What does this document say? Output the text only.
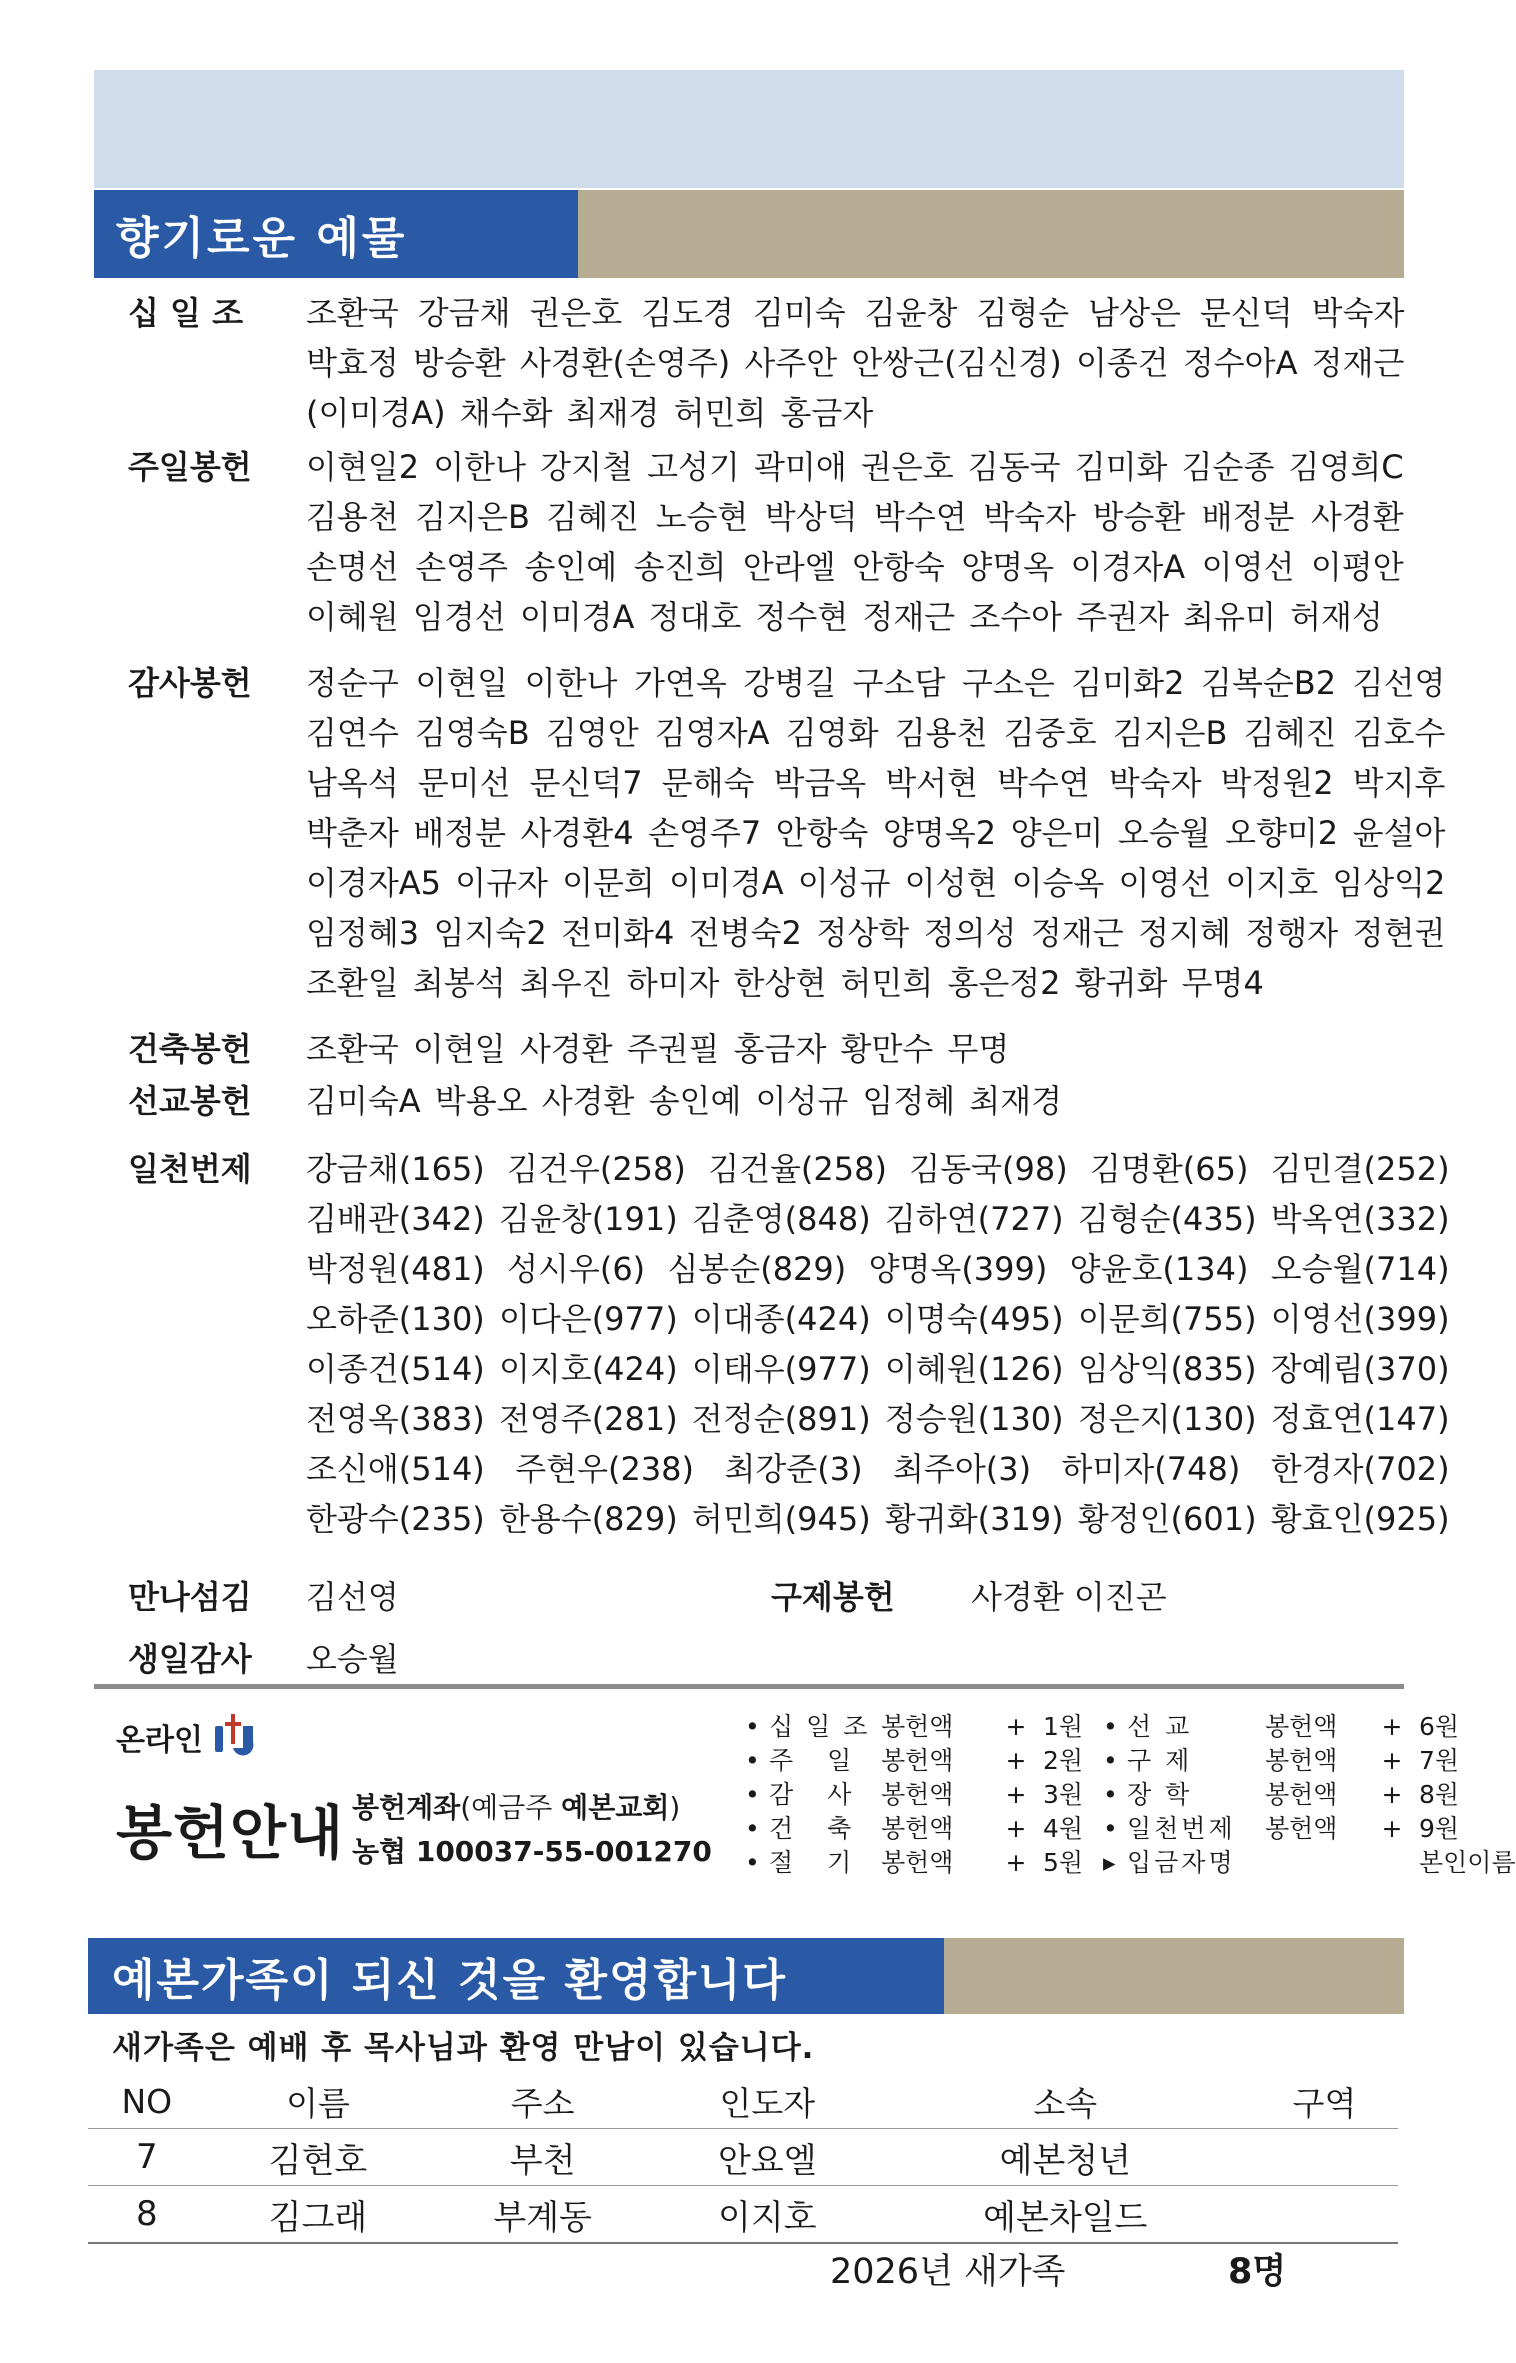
향기로운 예물
십 일 조	조환국 강금채 권은호 김도경 김미숙 김윤창 김형순 남상은 문신덕 박숙자
박효정 방승환 사경환(손영주) 사주안 안쌍근(김신경) 이종건 정수아A 정재근
(이미경A) 채수화 최재경 허민희 홍금자
주일봉헌	이현일2 이한나 강지철 고성기 곽미애 권은호 김동국 김미화 김순종 김영희C
김용천 김지은B 김혜진 노승현 박상덕 박수연 박숙자 방승환 배정분 사경환
손명선 손영주 송인예 송진희 안라엘 안항숙 양명옥 이경자A 이영선 이평안
이혜원 임경선 이미경A 정대호 정수현 정재근 조수아 주권자 최유미 허재성
감사봉헌	정순구 이현일 이한나 가연옥 강병길 구소담 구소은 김미화2 김복순B2 김선영
김연수 김영숙B 김영안 김영자A 김영화 김용천 김중호 김지은B 김혜진 김호수
남옥석 문미선 문신덕7 문해숙 박금옥 박서현 박수연 박숙자 박정원2 박지후
박춘자 배정분 사경환4 손영주7 안항숙 양명옥2 양은미 오승월 오향미2 윤설아
이경자A5 이규자 이문희 이미경A 이성규 이성현 이승옥 이영선 이지호 임상익2
임정혜3 임지숙2 전미화4 전병숙2 정상학 정의성 정재근 정지혜 정행자 정현권
조환일 최봉석 최우진 하미자 한상현 허민희 홍은정2 황귀화 무명4
건축봉헌	조환국 이현일 사경환 주권필 홍금자 황만수 무명
선교봉헌	김미숙A 박용오 사경환 송인예 이성규 임정혜 최재경
일천번제	강금채(165) 김건우(258) 김건율(258) 김동국(98) 김명환(65) 김민결(252)
김배관(342) 김윤창(191) 김춘영(848) 김하연(727) 김형순(435) 박옥연(332)
박정원(481) 성시우(6) 심봉순(829) 양명옥(399) 양윤호(134) 오승월(714)
오하준(130) 이다은(977) 이대종(424) 이명숙(495) 이문희(755) 이영선(399)
이종건(514) 이지호(424) 이태우(977) 이혜원(126) 임상익(835) 장예림(370)
전영옥(383) 전영주(281) 전정순(891) 정승원(130) 정은지(130) 정효연(147)
조신애(514) 주현우(238) 최강준(3) 최주아(3) 하미자(748) 한경자(702)
한광수(235) 한용수(829) 허민희(945) 황귀화(319) 황정인(601) 황효인(925)
만나섬김	김선영	구제봉헌	사경환 이진곤
생일감사	오승월
온라인
봉헌안내 봉헌계좌(예금주 예본교회)
농협 100037-55-001270
• 십일조 봉헌액	+ 1원 • 선 교	봉헌액	+ 6원
• 주 일 봉헌액	+ 2원 • 구 제	봉헌액	+ 7원
• 감 사 봉헌액	+ 3원 • 장 학	봉헌액	+ 8원
• 건 축 봉헌액	+ 4원 • 일천번제	봉헌액	+ 9원
• 절 기 봉헌액	+ 5원 ▸ 입금자명	본인이름
예본가족이 되신 것을 환영합니다
새가족은 예배 후 목사님과 환영 만남이 있습니다.
NO	이름	주소	인도자	소속	구역
7	김현호	부천	안요엘	예본청년	
8	김그래	부계동	이지호	예본차일드	
2026년 새가족	8명
